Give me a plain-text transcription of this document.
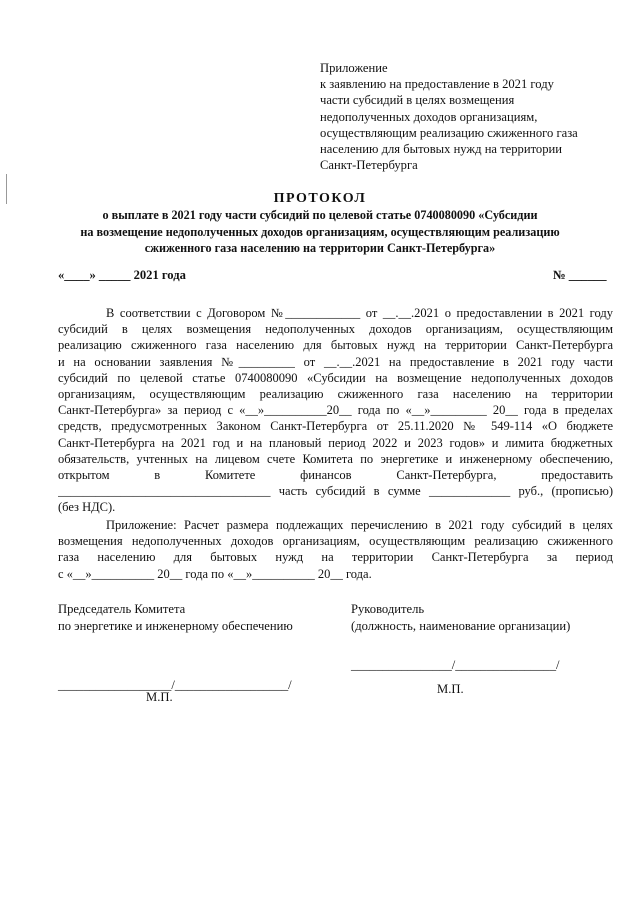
Приложение
к заявлению на предоставление в 2021 году
части субсидий в целях возмещения
недополученных доходов организациям,
осуществляющим реализацию сжиженного газа
населению для бытовых нужд на территории
Санкт-Петербурга
ПРОТОКОЛ
о выплате в 2021 году части субсидий по целевой статье 0740080090 «Субсидии
на возмещение недополученных доходов организациям, осуществляющим реализацию
сжиженного газа населению на территории Санкт-Петербурга»
«____» _____ 2021 года	№ ______
В соответствии с Договором №____________ от __.__.2021 о предоставлении в 2021 году
субсидий в целях возмещения недополученных доходов организациям, осуществляющим
реализацию сжиженного газа населению для бытовых нужд на территории Санкт-Петербурга
и на основании заявления №_________ от __.__.2021 на предоставление в 2021 году части
субсидий по целевой статье 0740080090 «Субсидии на возмещение недополученных доходов
организациям, осуществляющим реализацию сжиженного газа населению на территории
Санкт-Петербурга» за период с «__»__________20__ года по «__»_________ 20__ года в пределах
средств, предусмотренных Законом Санкт-Петербурга от 25.11.2020 № 549-114 «О бюджете
Санкт-Петербурга на 2021 год и на плановый период 2022 и 2023 годов» и лимита бюджетных
обязательств, учтенных на лицевом счете Комитета по энергетике и инженерному обеспечению,
открытом в Комитете финансов Санкт-Петербурга, предоставить
__________________________________ часть субсидий в сумме _____________ руб., (прописью)
(без НДС).
Приложение: Расчет размера подлежащих перечислению в 2021 году субсидий в целях
возмещения недополученных доходов организациям, осуществляющим реализацию сжиженного
газа населению для бытовых нужд на территории Санкт-Петербурга за период
с «__»__________ 20__ года по «__»__________ 20__ года.
Председатель Комитета
по энергетике и инженерному обеспечению
Руководитель
(должность, наименование организации)
__________________/__________________/
М.П.
________________/________________/
М.П.
